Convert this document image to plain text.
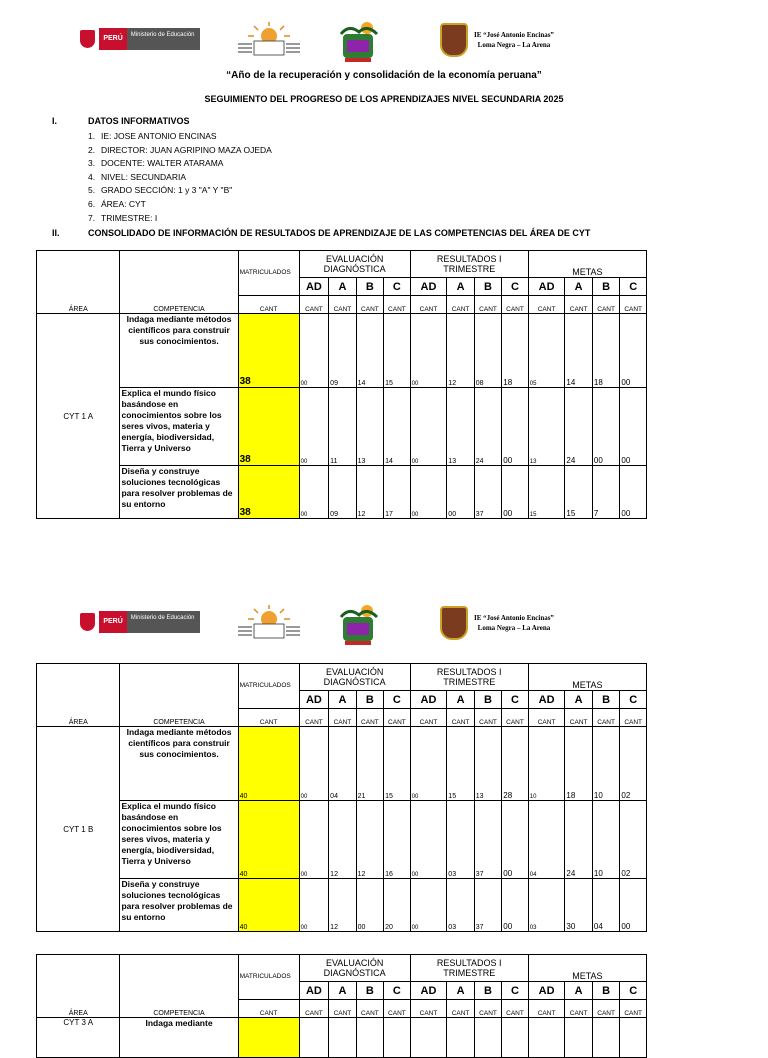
PERÚ	Ministerio de Educación	IE “José Antonio Encinas”
Loma Negra – La Arena
“Año de la recuperación y consolidación de la economía peruana”
SEGUIMIENTO DEL PROGRESO DE LOS APRENDIZAJES NIVEL SECUNDARIA 2025
I.	DATOS INFORMATIVOS
1. IE: JOSE ANTONIO ENCINAS
2. DIRECTOR: JUAN AGRIPINO MAZA OJEDA
3. DOCENTE: WALTER ATARAMA
4. NIVEL: SECUNDARIA
5. GRADO SECCIÓN: 1 y 3 "A" Y "B"
6. ÁREA: CYT
7. TRIMESTRE: I
II.	CONSOLIDADO DE INFORMACIÓN DE RESULTADOS DE APRENDIZAJE DE LAS COMPETENCIAS DEL ÁREA DE CYT
ÁREA	COMPETENCIA	MATRICULADOS	EVALUACIÓN DIAGNÓSTICA				RESULTADOS I TRIMESTRE				METAS			
			AD	A	B	C	AD	A	B	C	AD	A	B	C
		CANT	CANT	CANT	CANT	CANT	CANT	CANT	CANT	CANT	CANT	CANT	CANT	CANT
CYT 1 A	Indaga mediante métodos científicos para construir sus conocimientos.	38	00	09	14	15	00	12	08	18	05	14	18	00
	Explica el mundo físico basándose en conocimientos sobre los seres vivos, materia y energía, biodiversidad, Tierra y Universo	38	00	11	13	14	00	13	24	00	13	24	00	00
	Diseña y construye soluciones tecnológicas para resolver problemas de su entorno	38	00	09	12	17	00	00	37	00	15	15	7	00
PERÚ	Ministerio de Educación	IE “José Antonio Encinas”
Loma Negra – La Arena
ÁREA	COMPETENCIA	MATRICULADOS	EVALUACIÓN DIAGNÓSTICA				RESULTADOS I TRIMESTRE				METAS			
			AD	A	B	C	AD	A	B	C	AD	A	B	C
		CANT	CANT	CANT	CANT	CANT	CANT	CANT	CANT	CANT	CANT	CANT	CANT	CANT
CYT 1 B	Indaga mediante métodos científicos para construir sus conocimientos.	40	00	04	21	15	00	15	13	28	10	18	10	02
	Explica el mundo físico basándose en conocimientos sobre los seres vivos, materia y energía, biodiversidad, Tierra y Universo	40	00	12	12	16	00	03	37	00	04	24	10	02
	Diseña y construye soluciones tecnológicas para resolver problemas de su entorno	40	00	12	00	20	00	03	37	00	03	30	04	00
ÁREA	COMPETENCIA	MATRICULADOS	EVALUACIÓN DIAGNÓSTICA				RESULTADOS I TRIMESTRE				METAS			
			AD	A	B	C	AD	A	B	C	AD	A	B	C
		CANT	CANT	CANT	CANT	CANT	CANT	CANT	CANT	CANT	CANT	CANT	CANT	CANT
CYT 3 A	Indaga mediante													
